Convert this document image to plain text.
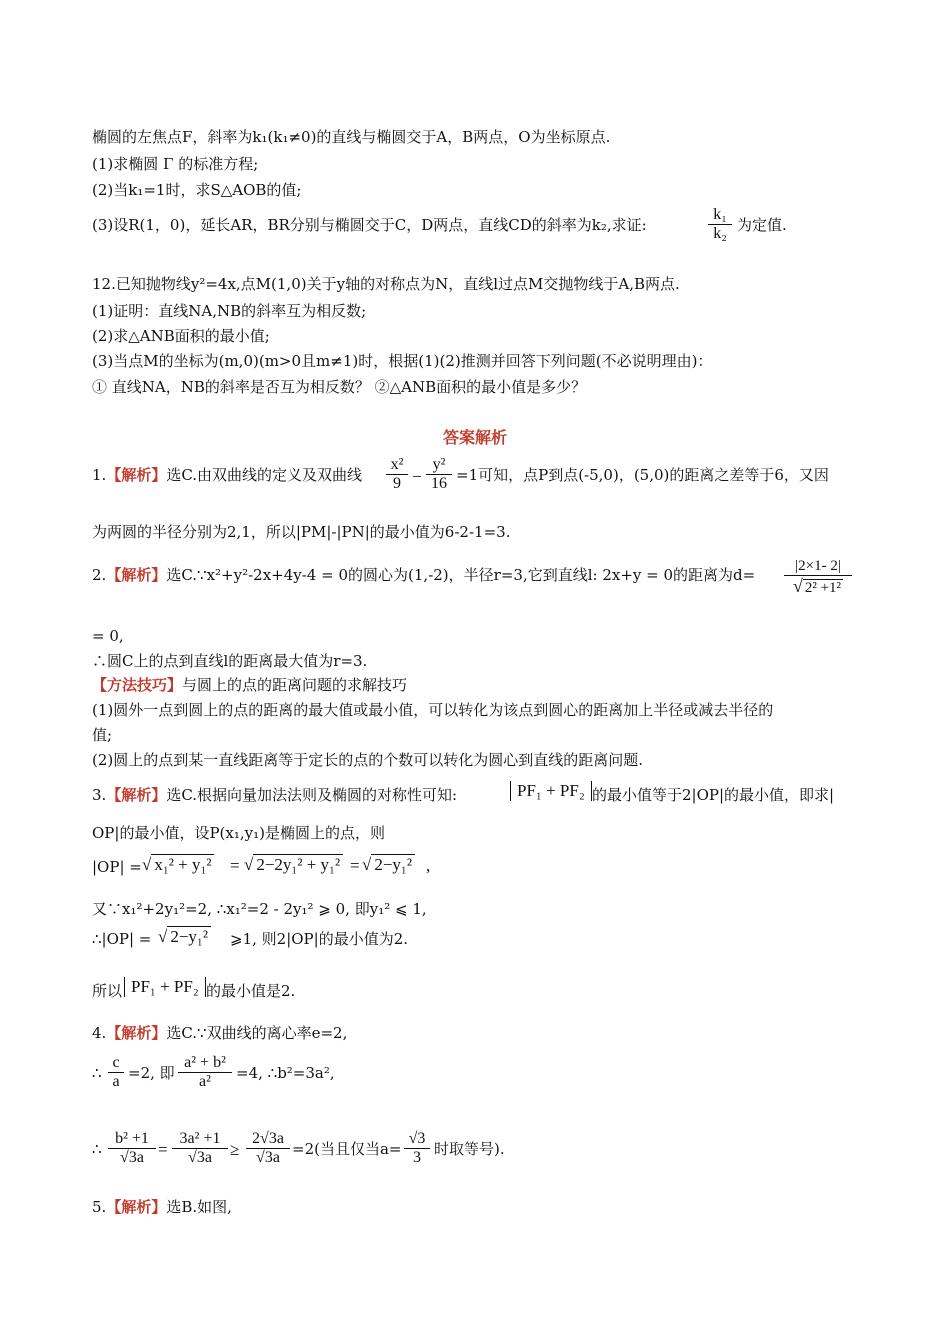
椭圆的左焦点F，斜率为k₁(k₁≠0)的直线与椭圆交于A，B两点，O为坐标原点.
(1)求椭圆 Γ 的标准方程;
(2)当k₁=1时，求S△AOB的值;
(3)设R(1，0)，延长AR，BR分别与椭圆交于C，D两点，直线CD的斜率为k₂,求证:
k₁
k₂ 为定值.
12.已知抛物线y²=4x,点M(1,0)关于y轴的对称点为N，直线l过点M交抛物线于A,B两点.
(1)证明：直线NA,NB的斜率互为相反数;
(2)求△ANB面积的最小值;
(3)当点M的坐标为(m,0)(m>0且m≠1)时，根据(1)(2)推测并回答下列问题(不必说明理由)：
① 直线NA，NB的斜率是否互为相反数？ ②△ANB面积的最小值是多少？
答案解析
1.【解析】选C.由双曲线的定义及双曲线
x²
9 −
y²
16 =1可知，点P到点(-5,0)，(5,0)的距离之差等于6，又因
为两圆的半径分别为2,1，所以|PM|-|PN|的最小值为6-2-1=3.
2.【解析】选C.∵x²+y²-2x+4y-4 = 0的圆心为(1,-2)，半径r=3,它到直线l: 2x+y = 0的距离为d=	|2×1- 2|
√ 2² +1²
= 0,
∴圆C上的点到直线l的距离最大值为r=3.
【方法技巧】与圆上的点的距离问题的求解技巧
(1)圆外一点到圆上的点的距离的最大值或最小值，可以转化为该点到圆心的距离加上半径或减去半径的
值;
(2)圆上的点到某一直线距离等于定长的点的个数可以转化为圆心到直线的距离问题.
3.【解析】选C.根据向量加法法则及椭圆的对称性可知:	PF₁ + PF₂ 的最小值等于2|OP|的最小值，即求|
OP|的最小值，设P(x₁,y₁)是椭圆上的点，则
|OP| = √ x₁² + y₁² = √ 2−2y₁² + y₁² = √ 2−y₁² ,
又∵x₁²+2y₁²=2, ∴x₁²=2 - 2y₁² ⩾ 0, 即y₁² ⩽ 1,
∴|OP| = √ 2−y₁² ⩾1, 则2|OP|的最小值为2.
所以 PF₁ + PF₂ 的最小值是2.
4.【解析】选C.∵双曲线的离心率e=2,
∴
c
a =2, 即
a² + b²
a²	=4, ∴b²=3a²,
∴
b² +1
√3a =
3a² +1
√3a	≥
2√3a
√3a =2(当且仅当a=
√3
3 时取等号).
5.【解析】选B.如图,
